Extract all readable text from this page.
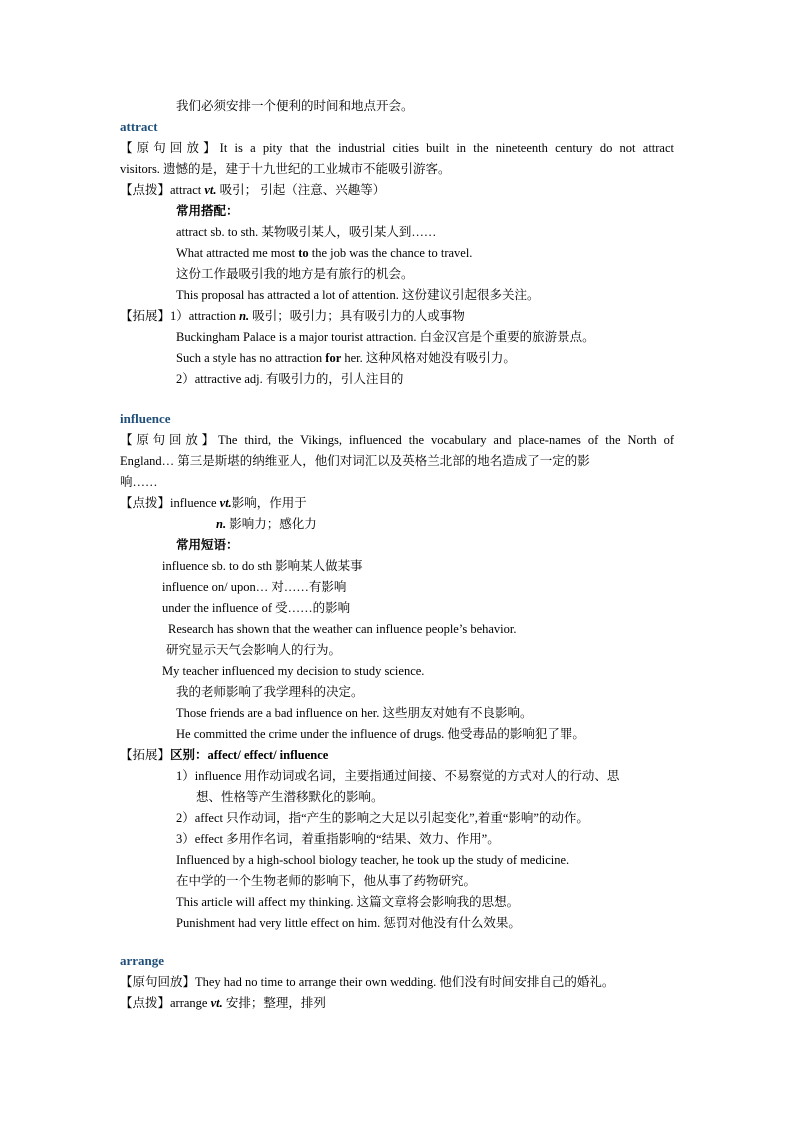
我们必须安排一个便利的时间和地点开会。
attract
【原句回放】It is a pity that the industrial cities built in the nineteenth century do not attract
visitors. 遗憾的是，建于十九世纪的工业城市不能吸引游客。
【点拨】attract vt. 吸引； 引起（注意、兴趣等）
常用搭配：
attract sb. to sth. 某物吸引某人，吸引某人到……
What attracted me most to the job was the chance to travel.
这份工作最吸引我的地方是有旅行的机会。
This proposal has attracted a lot of attention. 这份建议引起很多关注。
【拓展】1）attraction n. 吸引；吸引力；具有吸引力的人或事物
Buckingham Palace is a major tourist attraction. 白金汉宫是个重要的旅游景点。
Such a style has no attraction for her. 这种风格对她没有吸引力。
2）attractive adj. 有吸引力的，引人注目的
influence
【原句回放】The third, the Vikings, influenced the vocabulary and place-names of the North of
England… 第三是斯堪的纳维亚人，他们对词汇以及英格兰北部的地名造成了一定的影
响……
【点拨】influence vt.影响，作用于
n. 影响力；感化力
常用短语：
influence sb. to do sth 影响某人做某事
influence on/ upon… 对……有影响
under the influence of 受……的影响
Research has shown that the weather can influence people’s behavior.
研究显示天气会影响人的行为。
My teacher influenced my decision to study science.
我的老师影响了我学理科的决定。
Those friends are a bad influence on her. 这些朋友对她有不良影响。
He committed the crime under the influence of drugs. 他受毒品的影响犯了罪。
【拓展】区别：affect/ effect/ influence
1）influence 用作动词或名词，主要指通过间接、不易察觉的方式对人的行动、思
想、性格等产生潜移默化的影响。
2）affect 只作动词，指“产生的影响之大足以引起变化”,着重“影响”的动作。
3）effect 多用作名词，着重指影响的“结果、效力、作用”。
Influenced by a high-school biology teacher, he took up the study of medicine.
在中学的一个生物老师的影响下，他从事了药物研究。
This article will affect my thinking. 这篇文章将会影响我的思想。
Punishment had very little effect on him. 惩罚对他没有什么效果。
arrange
【原句回放】They had no time to arrange their own wedding. 他们没有时间安排自己的婚礼。
【点拨】arrange vt. 安排；整理，排列
